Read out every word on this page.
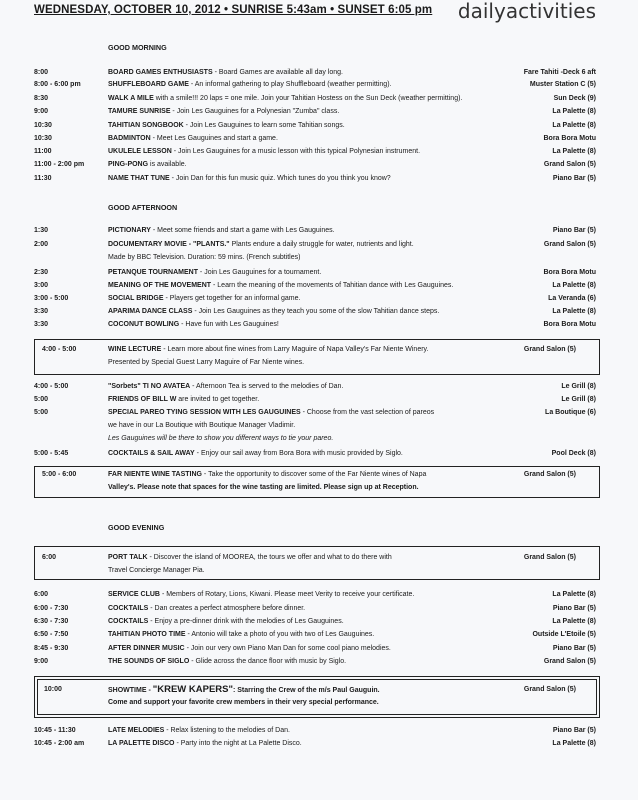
WEDNESDAY, OCTOBER 10, 2012 • SUNRISE 5:43am • SUNSET 6:05 pm dailyactivities
GOOD MORNING
8:00	BOARD GAMES ENTHUSIASTS - Board Games are available all day long.	Fare Tahiti -Deck 6 aft
8:00 - 6:00 pm	SHUFFLEBOARD GAME - An informal gathering to play Shuffleboard (weather permitting).	Muster Station C (5)
8:30	WALK A MILE with a smile!!! 20 laps = one mile. Join your Tahitian Hostess on the Sun Deck (weather permitting).	Sun Deck (9)
9:00	TAMURE SUNRISE - Join Les Gauguines for a Polynesian "Zumba" class.	La Palette (8)
10:30	TAHITIAN SONGBOOK - Join Les Gauguines to learn some Tahitian songs.	La Palette (8)
10:30	BADMINTON - Meet Les Gauguines and start a game.	Bora Bora Motu
11:00	UKULELE LESSON - Join Les Gauguines for a music lesson with this typical Polynesian instrument.	La Palette (8)
11:00 - 2:00 pm	PING-PONG is available.	Grand Salon (5)
11:30	NAME THAT TUNE - Join Dan for this fun music quiz. Which tunes do you think you know?	Piano Bar (5)
GOOD AFTERNOON
1:30	PICTIONARY - Meet some friends and start a game with Les Gauguines.	Piano Bar (5)
2:00	DOCUMENTARY MOVIE - "PLANTS." Plants endure a daily struggle for water, nutrients and light.	Grand Salon (5)
Made by BBC Television. Duration: 59 mins. (French subtitles)
2:30	PETANQUE TOURNAMENT - Join Les Gauguines for a tournament.	Bora Bora Motu
3:00	MEANING OF THE MOVEMENT - Learn the meaning of the movements of Tahitian dance with Les Gauguines.	La Palette (8)
3:00 - 5:00	SOCIAL BRIDGE - Players get together for an informal game.	La Veranda (6)
3:30	APARIMA DANCE CLASS - Join Les Gauguines as they teach you some of the slow Tahitian dance steps.	La Palette (8)
3:30	COCONUT BOWLING - Have fun with Les Gauguines!	Bora Bora Motu
4:00 - 5:00	WINE LECTURE - Learn more about fine wines from Larry Maguire of Napa Valley's Far Niente Winery.	Grand Salon (5)
Presented by Special Guest Larry Maguire of Far Niente wines.
4:00 - 5:00	"Sorbets" TI NO AVATEA - Afternoon Tea is served to the melodies of Dan.	Le Grill (8)
5:00	FRIENDS OF BILL W are invited to get together.	Le Grill (8)
5:00	SPECIAL PAREO TYING SESSION WITH LES GAUGUINES - Choose from the vast selection of pareos	La Boutique (6)
we have in our La Boutique with Boutique Manager Vladimir.
Les Gauguines will be there to show you different ways to tie your pareo.
5:00 - 5:45	COCKTAILS & SAIL AWAY - Enjoy our sail away from Bora Bora with music provided by Siglo.	Pool Deck (8)
5:00 - 6:00	FAR NIENTE WINE TASTING - Take the opportunity to discover some of the Far Niente wines of Napa	Grand Salon (5)
Valley's. Please note that spaces for the wine tasting are limited. Please sign up at Reception.
GOOD EVENING
6:00	PORT TALK - Discover the island of MOOREA, the tours we offer and what to do there with	Grand Salon (5)
Travel Concierge Manager Pia.
6:00	SERVICE CLUB - Members of Rotary, Lions, Kiwani. Please meet Verity to receive your certificate.	La Palette (8)
6:00 - 7:30	COCKTAILS - Dan creates a perfect atmosphere before dinner.	Piano Bar (5)
6:30 - 7:30	COCKTAILS - Enjoy a pre-dinner drink with the melodies of Les Gauguines.	La Palette (8)
6:50 - 7:50	TAHITIAN PHOTO TIME - Antonio will take a photo of you with two of Les Gauguines.	Outside L'Etoile (5)
8:45 - 9:30	AFTER DINNER MUSIC - Join our very own Piano Man Dan for some cool piano melodies.	Piano Bar (5)
9:00	THE SOUNDS OF SIGLO - Glide across the dance floor with music by Siglo.	Grand Salon (5)
10:00	SHOWTIME - "KREW KAPERS": Starring the Crew of the m/s Paul Gauguin.	Grand Salon (5)
Come and support your favorite crew members in their very special performance.
10:45 - 11:30	LATE MELODIES - Relax listening to the melodies of Dan.	Piano Bar (5)
10:45 - 2:00 am	LA PALETTE DISCO - Party into the night at La Palette Disco.	La Palette (8)
